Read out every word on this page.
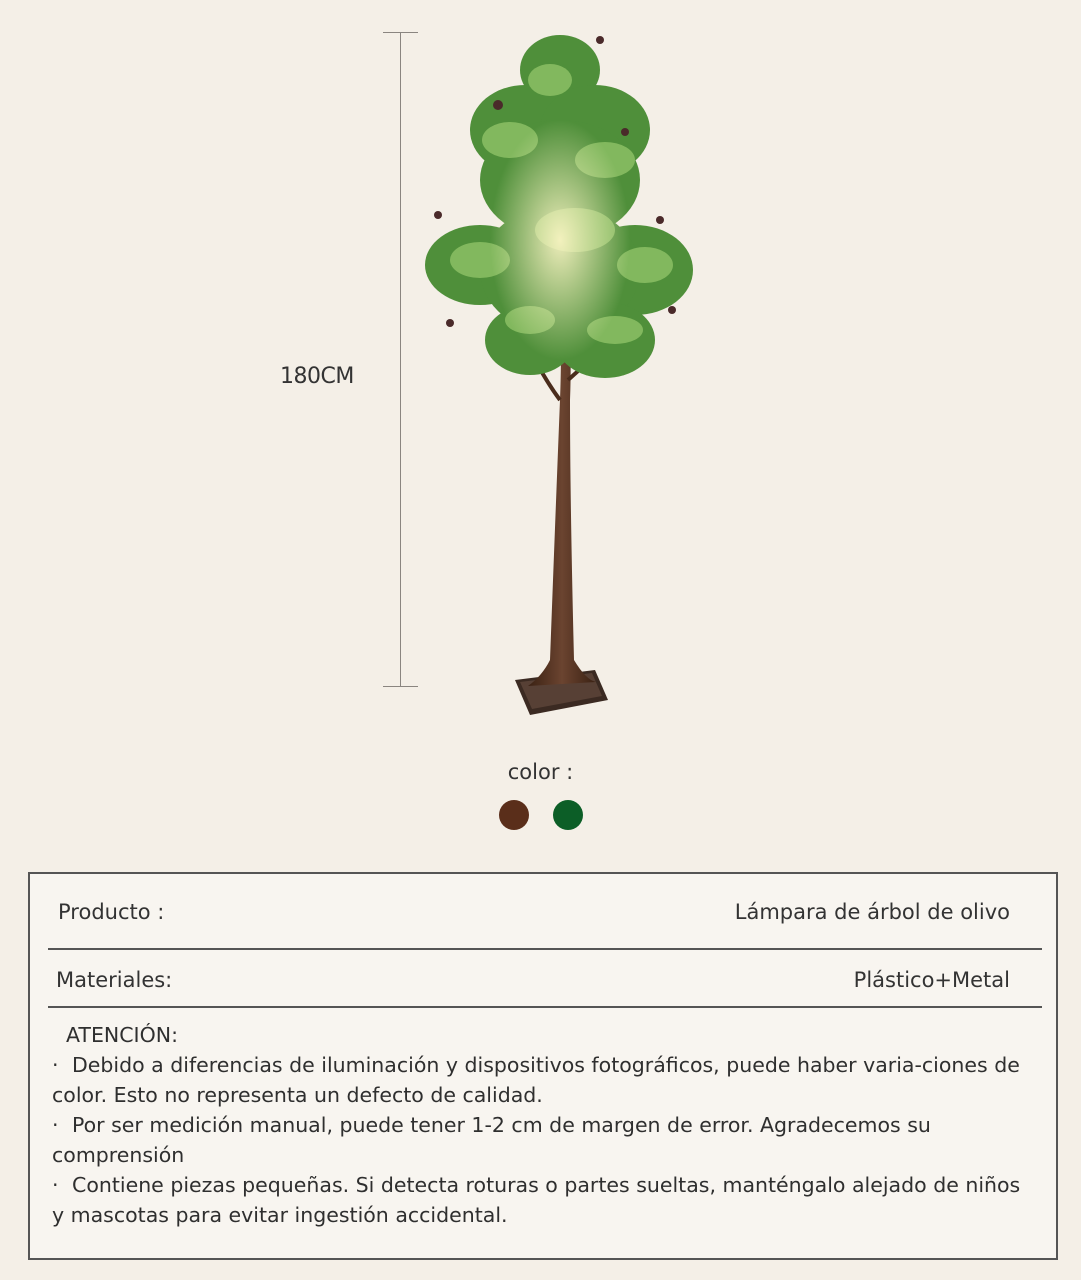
180CM
color :
Producto :	Lámpara de árbol de olivo
Materiales:	Plástico+Metal
ATENCIÓN:

· Debido a diferencias de iluminación y dispositivos fotográficos, puede haber varia-ciones de color. Esto no representa un defecto de calidad.

· Por ser medición manual, puede tener 1-2 cm de margen de error. Agradecemos su comprensión

· Contiene piezas pequeñas. Si detecta roturas o partes sueltas, manténgalo alejado de niños y mascotas para evitar ingestión accidental.
